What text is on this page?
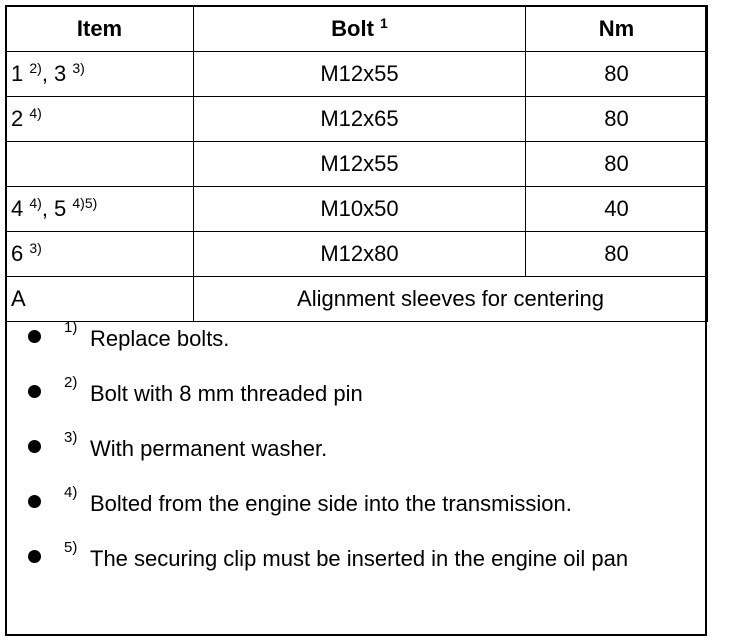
Item	Bolt $^1$	Nm
1 $^{2)}$, 3 $^{3)}$	M12x55	80
2 $^{4)}$	M12x65	80
	M12x55	80
4 $^{4)}$, 5 $^{4)5)}$	M10x50	40
6 $^{3)}$	M12x80	80
A	Alignment sleeves for centering	
1) Replace bolts.
2) Bolt with 8 mm threaded pin
3) With permanent washer.
4) Bolted from the engine side into the transmission.
5) The securing clip must be inserted in the engine oil pan
